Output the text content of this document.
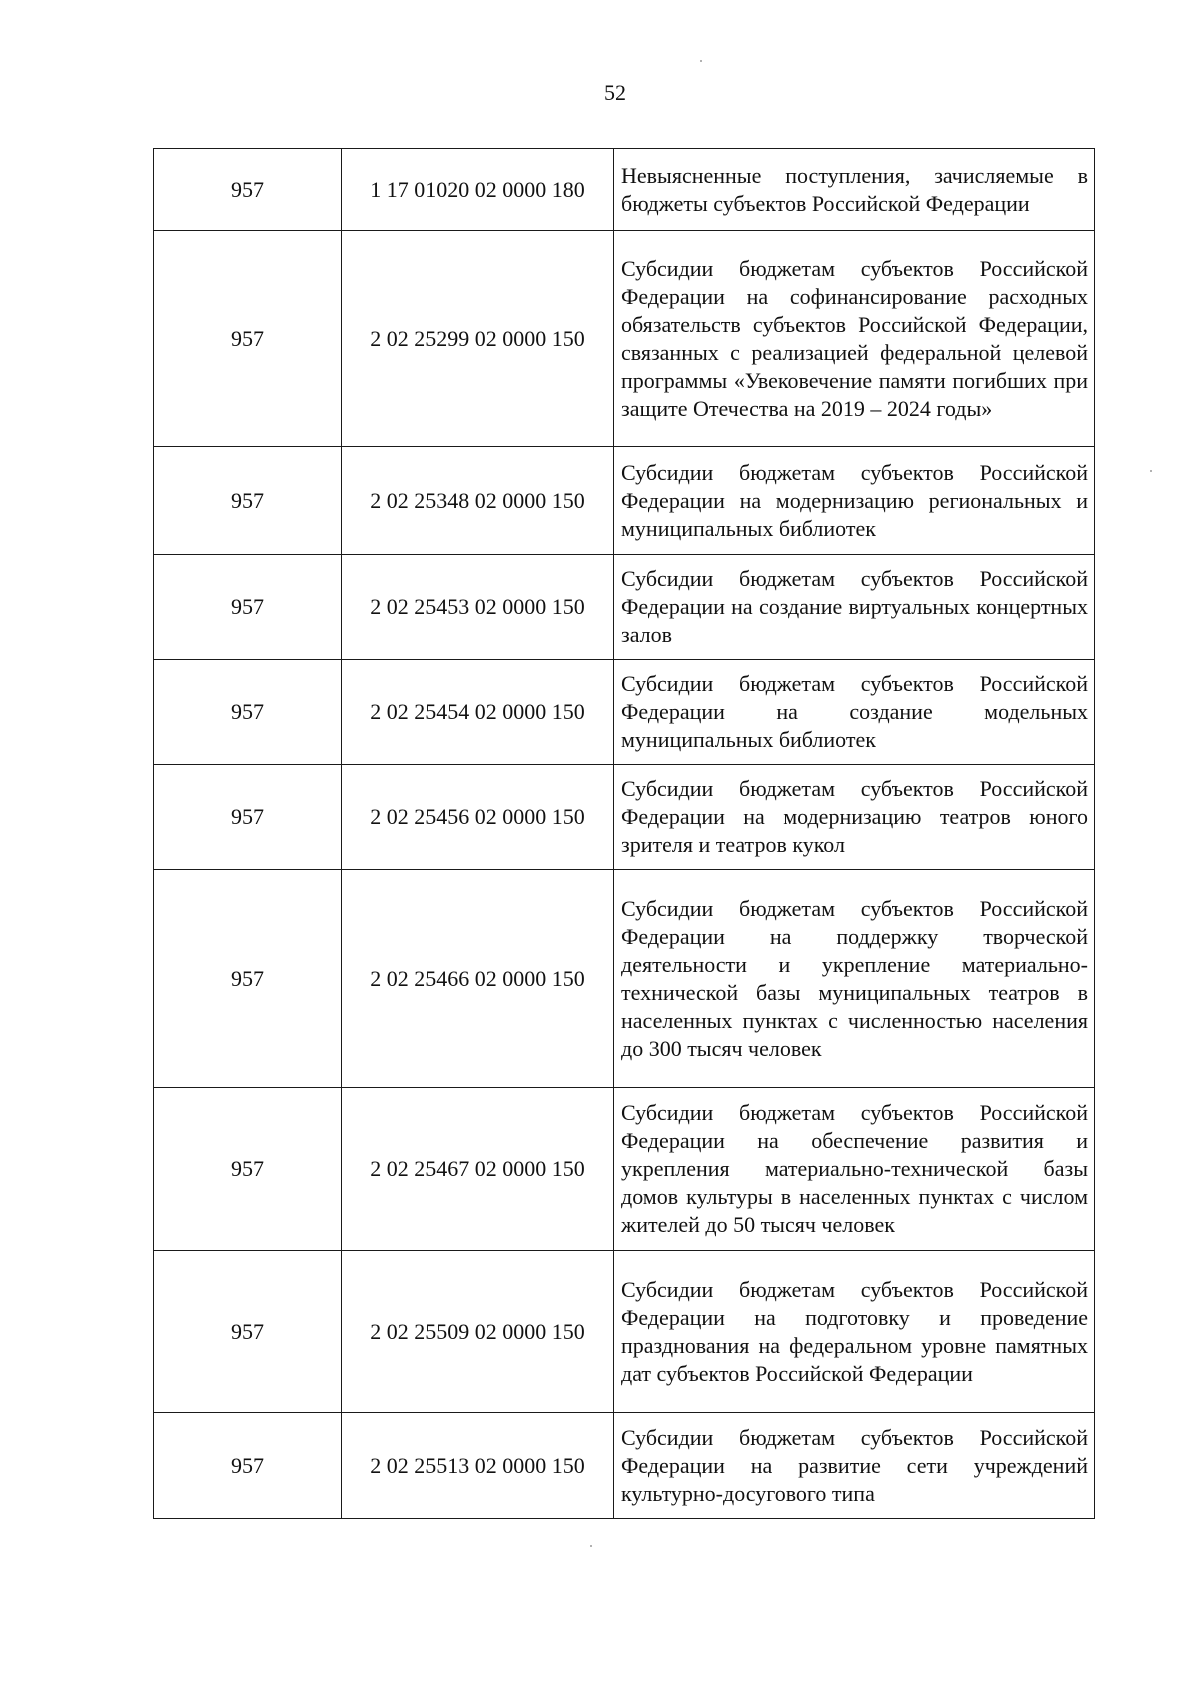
52
957	1 17 01020 02 0000 180	Невыясненные поступления, зачисляемые в бюджеты субъектов Российской Федерации
957	2 02 25299 02 0000 150	Субсидии бюджетам субъектов Российской Федерации на софинансирование расходных обязательств субъектов Российской Федерации, связанных с реализацией федеральной целевой программы «Увековечение памяти погибших при защите Отечества на 2019 – 2024 годы»
957	2 02 25348 02 0000 150	Субсидии бюджетам субъектов Российской Федерации на модернизацию региональных и муниципальных библиотек
957	2 02 25453 02 0000 150	Субсидии бюджетам субъектов Российской Федерации на создание виртуальных концертных залов
957	2 02 25454 02 0000 150	Субсидии бюджетам субъектов Российской Федерации на создание модельных муниципальных библиотек
957	2 02 25456 02 0000 150	Субсидии бюджетам субъектов Российской Федерации на модернизацию театров юного зрителя и театров кукол
957	2 02 25466 02 0000 150	Субсидии бюджетам субъектов Российской Федерации на поддержку творческой деятельности и укрепление материально-технической базы муниципальных театров в населенных пунктах с численностью населения до 300 тысяч человек
957	2 02 25467 02 0000 150	Субсидии бюджетам субъектов Российской Федерации на обеспечение развития и укрепления материально-технической базы домов культуры в населенных пунктах с числом жителей до 50 тысяч человек
957	2 02 25509 02 0000 150	Субсидии бюджетам субъектов Российской Федерации на подготовку и проведение празднования на федеральном уровне памятных дат субъектов Российской Федерации
957	2 02 25513 02 0000 150	Субсидии бюджетам субъектов Российской Федерации на развитие сети учреждений культурно-досугового типа
